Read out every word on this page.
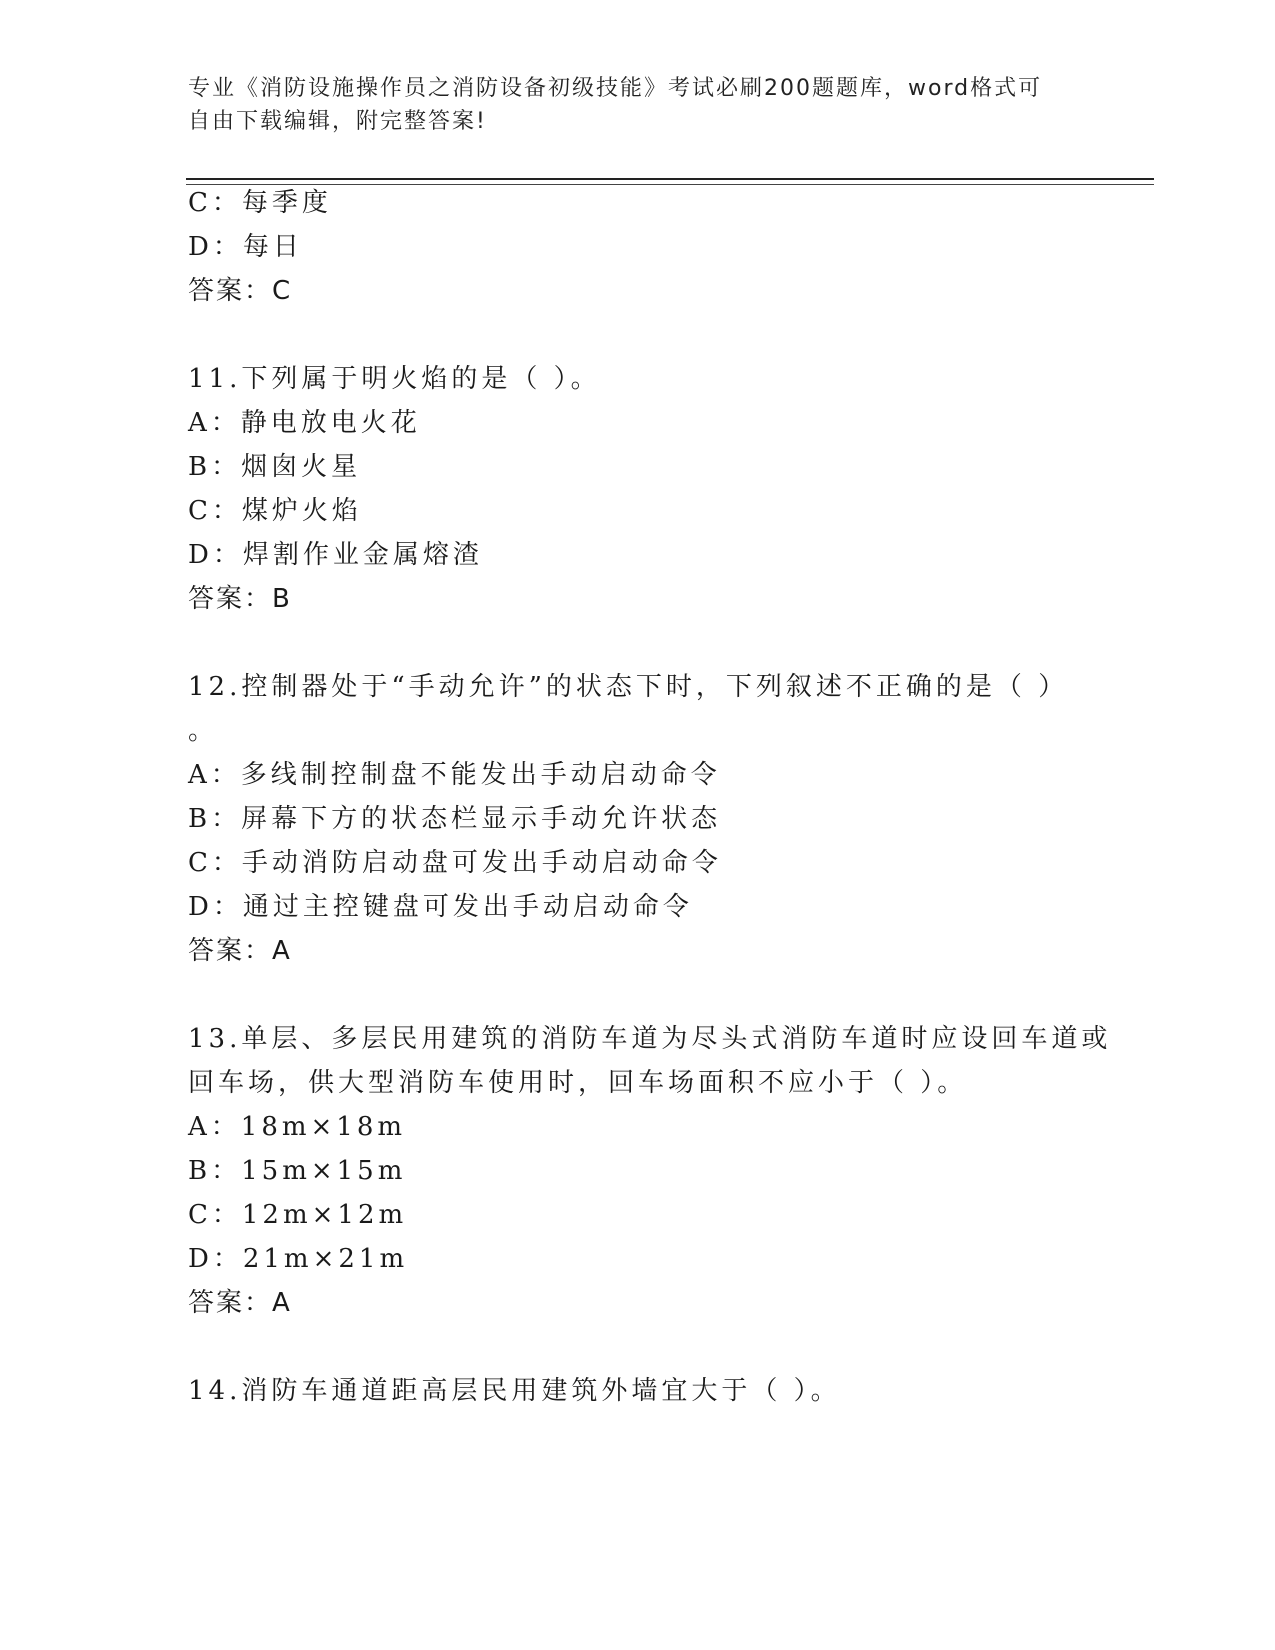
专业《消防设施操作员之消防设备初级技能》考试必刷200题题库，word格式可
自由下载编辑，附完整答案!
C：每季度
D：每日
答案：C
11.下列属于明火焰的是（ ）。
A：静电放电火花
B：烟囱火星
C：煤炉火焰
D：焊割作业金属熔渣
答案：B
12.控制器处于“手动允许”的状态下时，下列叙述不正确的是（ ）
。
A：多线制控制盘不能发出手动启动命令
B：屏幕下方的状态栏显示手动允许状态
C：手动消防启动盘可发出手动启动命令
D：通过主控键盘可发出手动启动命令
答案：A
13.单层、多层民用建筑的消防车道为尽头式消防车道时应设回车道或
回车场，供大型消防车使用时，回车场面积不应小于（ ）。
A：18m×18m
B：15m×15m
C：12m×12m
D：21m×21m
答案：A
14.消防车通道距高层民用建筑外墙宜大于（ ）。
